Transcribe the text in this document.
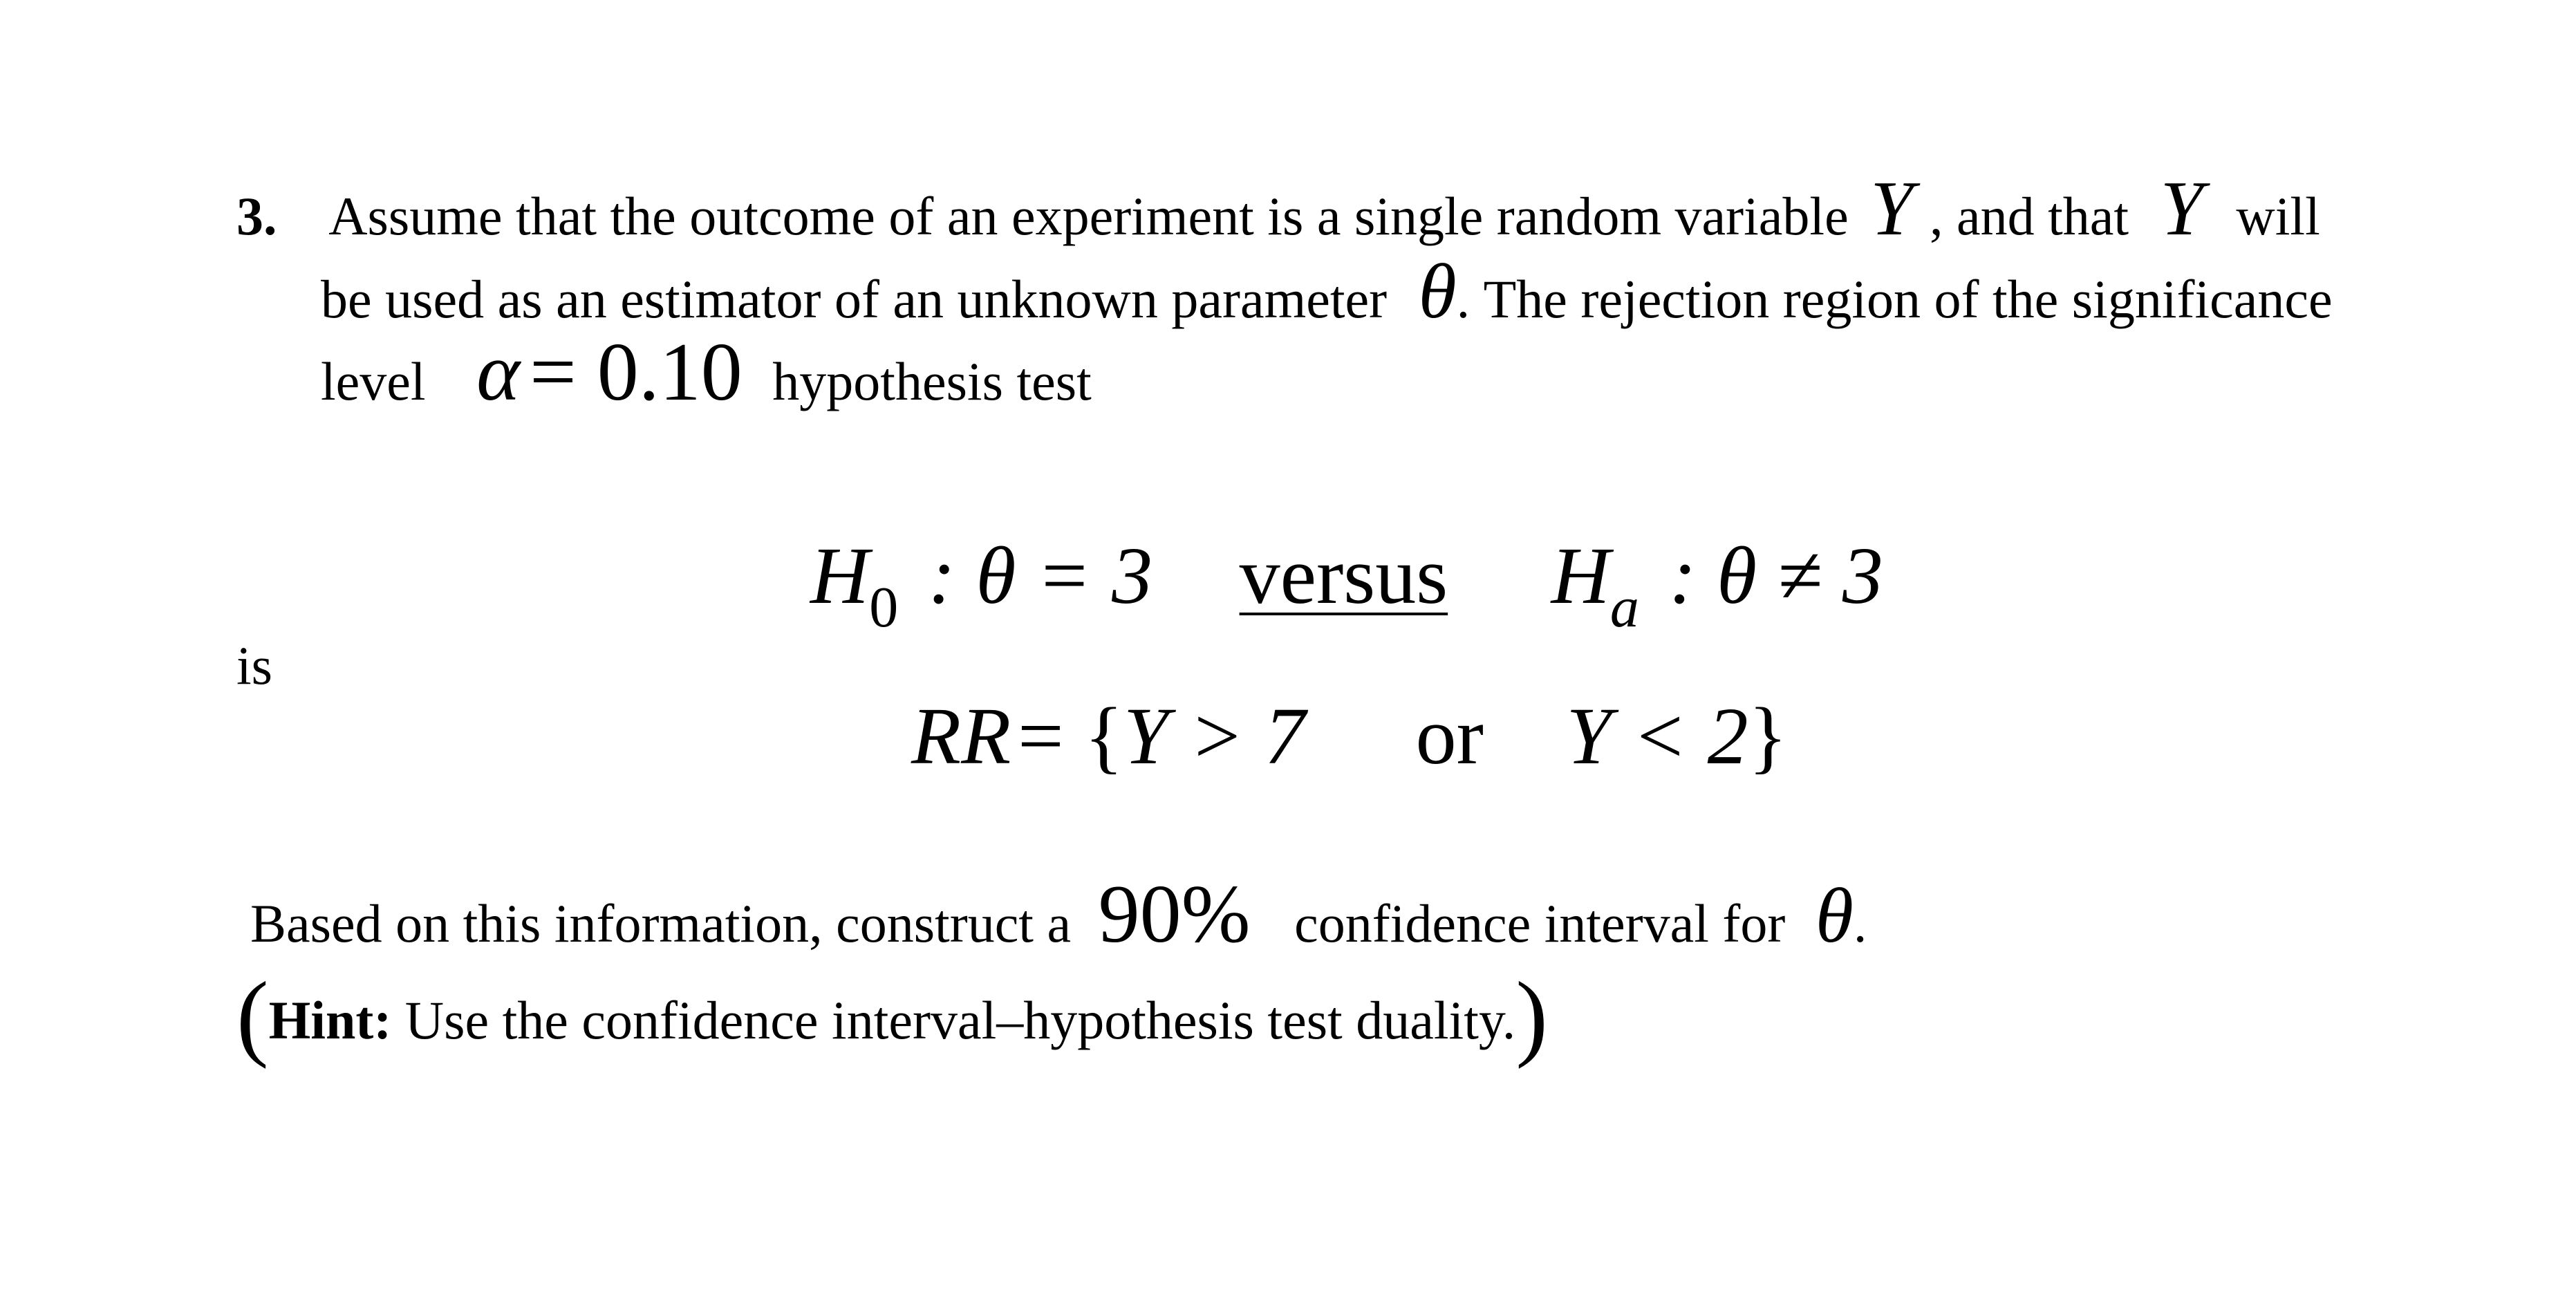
3. Assume that the outcome of an experiment is a single random variable Y , and that Y will
be used as an estimator of an unknown parameter θ. The rejection region of the significance
level α = 0.10 hypothesis test
$H_0$ : θ = 3 versus $H_a$ : θ ≠ 3
is
RR= {Y > 7 or Y < 2}
Based on this information, construct a 90% confidence interval for θ.
(Hint: Use the confidence interval–hypothesis test duality.)
